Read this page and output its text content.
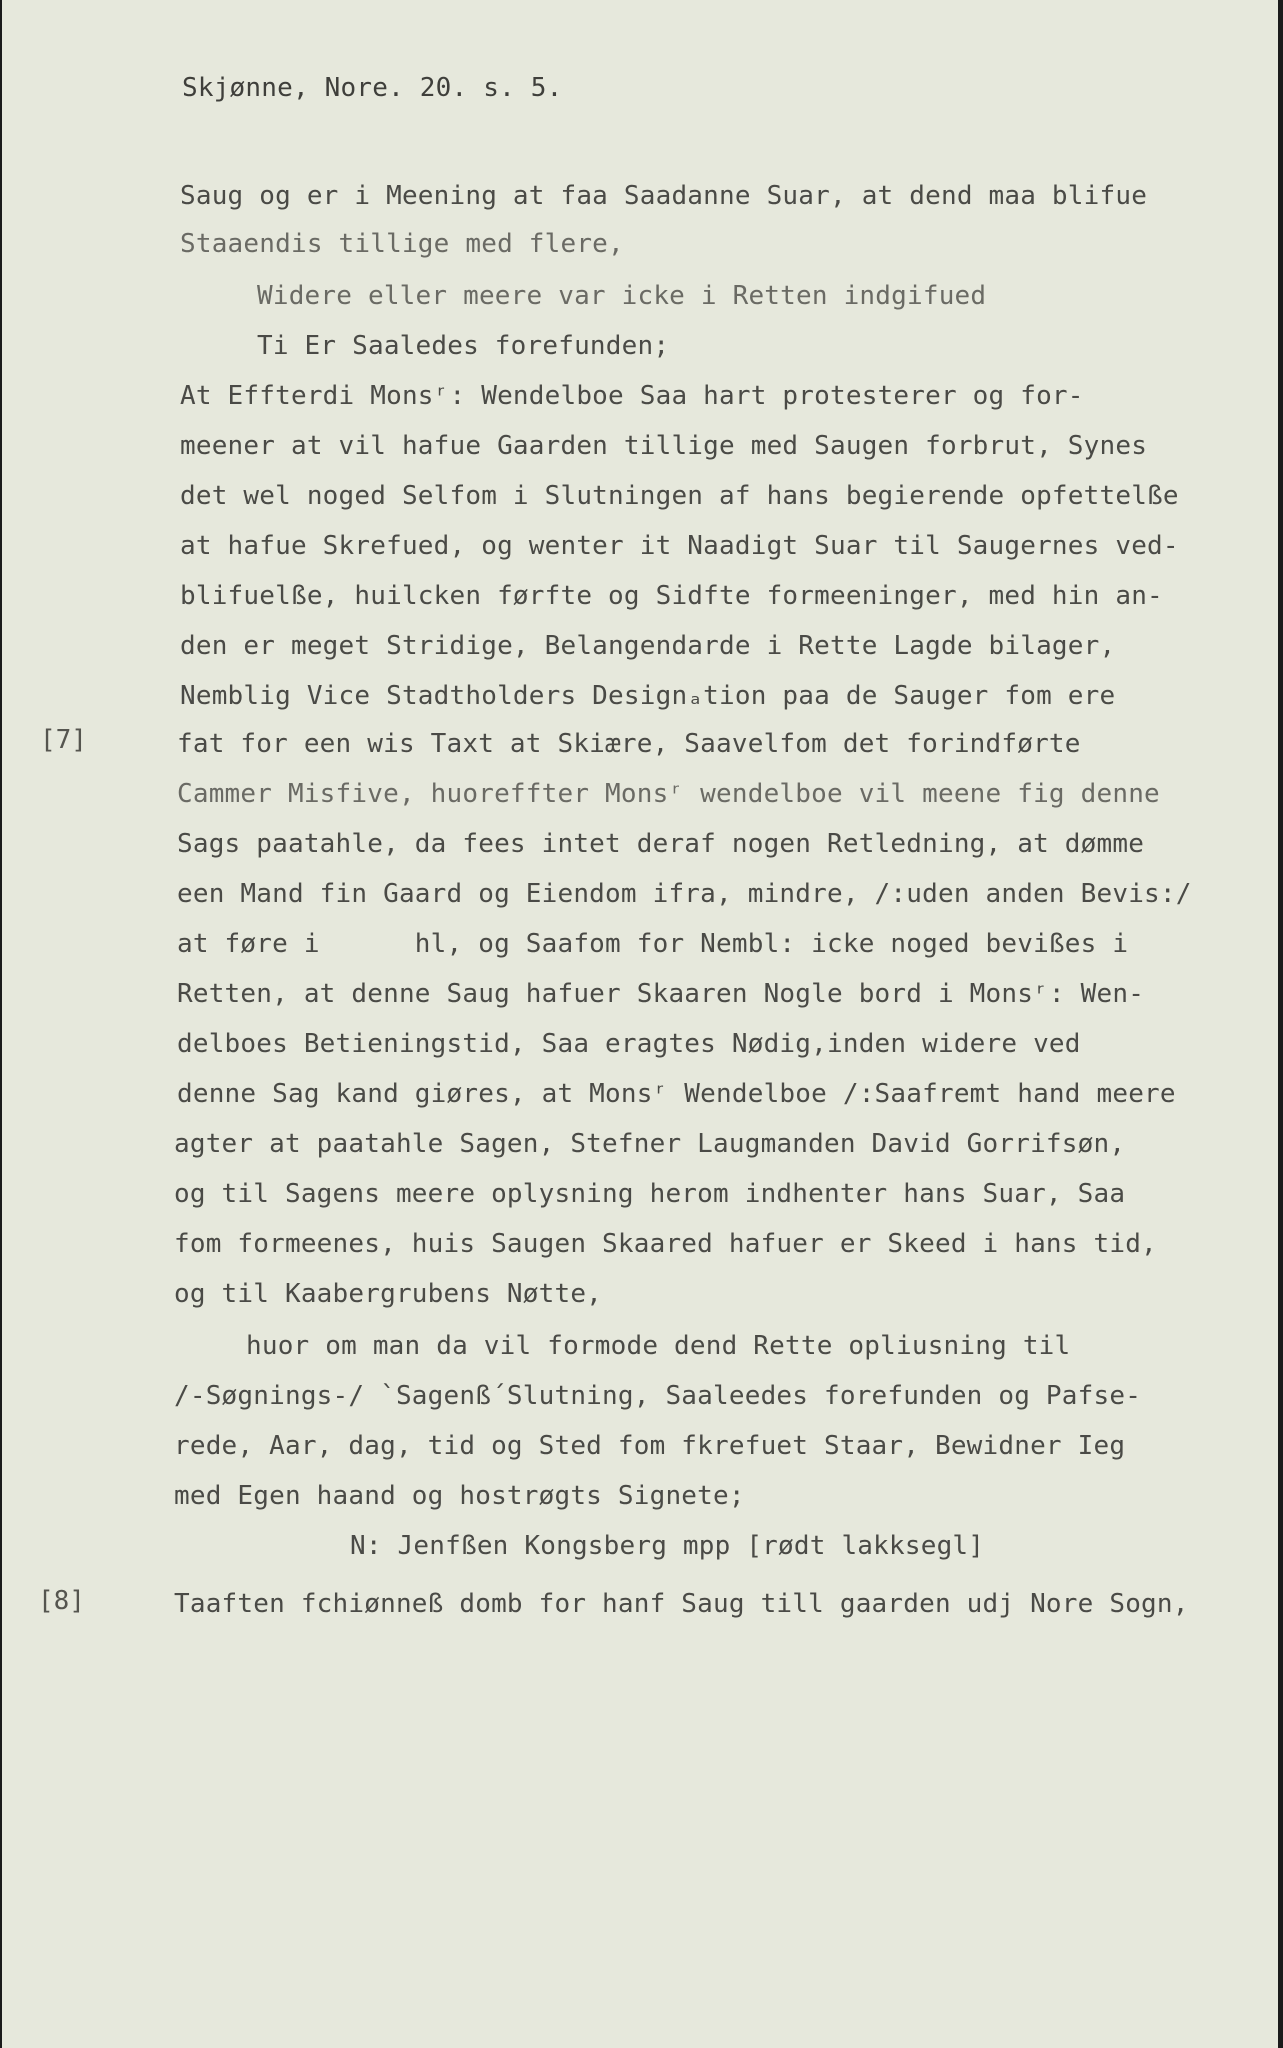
Skjønne, Nore. 20. s. 5.
Saug og er i Meening at faa Saadanne Suar, at dend maa blifue
Staaendis tillige med flere,
Widere eller meere var icke i Retten indgifued
Ti Er Saaledes forefunden;
At Effterdi Monsʳ: Wendelboe Saa hart protesterer og for-
meener at vil hafue Gaarden tillige med Saugen forbrut, Synes
det wel noged Selfom i Slutningen af hans begierende opfettelße
at hafue Skrefued, og wenter it Naadigt Suar til Saugernes ved-
blifuelße, huilcken førfte og Sidfte formeeninger, med hin an-
den er meget Stridige, Belangendarde i Rette Lagde bilager,
Nemblig Vice Stadtholders Designₐtion paa de Sauger fom ere
[7]	fat for een wis Taxt at Skiære, Saavelfom det forindførte
Cammer Misfive, huoreffter Monsʳ wendelboe vil meene fig denne
Sags paatahle, da fees intet deraf nogen Retledning, at dømme
een Mand fin Gaard og Eiendom ifra, mindre, /:uden anden Bevis:/
at føre i      hl, og Saafom for Nembl: icke noged bevißes i
Retten, at denne Saug hafuer Skaaren Nogle bord i Monsʳ: Wen-
delboes Betieningstid, Saa eragtes Nødig,inden widere ved
denne Sag kand giøres, at Monsʳ Wendelboe /:Saafremt hand meere
agter at paatahle Sagen, Stefner Laugmanden David Gorrifsøn,
og til Sagens meere oplysning herom indhenter hans Suar, Saa
fom formeenes, huis Saugen Skaared hafuer er Skeed i hans tid,
og til Kaabergrubens Nøtte,
huor om man da vil formode dend Rette opliusning til
/-Søgnings-/ `Sagenß´Slutning, Saaleedes forefunden og Pafse-
rede, Aar, dag, tid og Sted fom fkrefuet Staar, Bewidner Ieg
med Egen haand og hostrøgts Signete;
N: Jenfßen Kongsberg mpp [rødt lakksegl]
[8]	Taaften fchiønneß domb for hanf Saug till gaarden udj Nore Sogn,
